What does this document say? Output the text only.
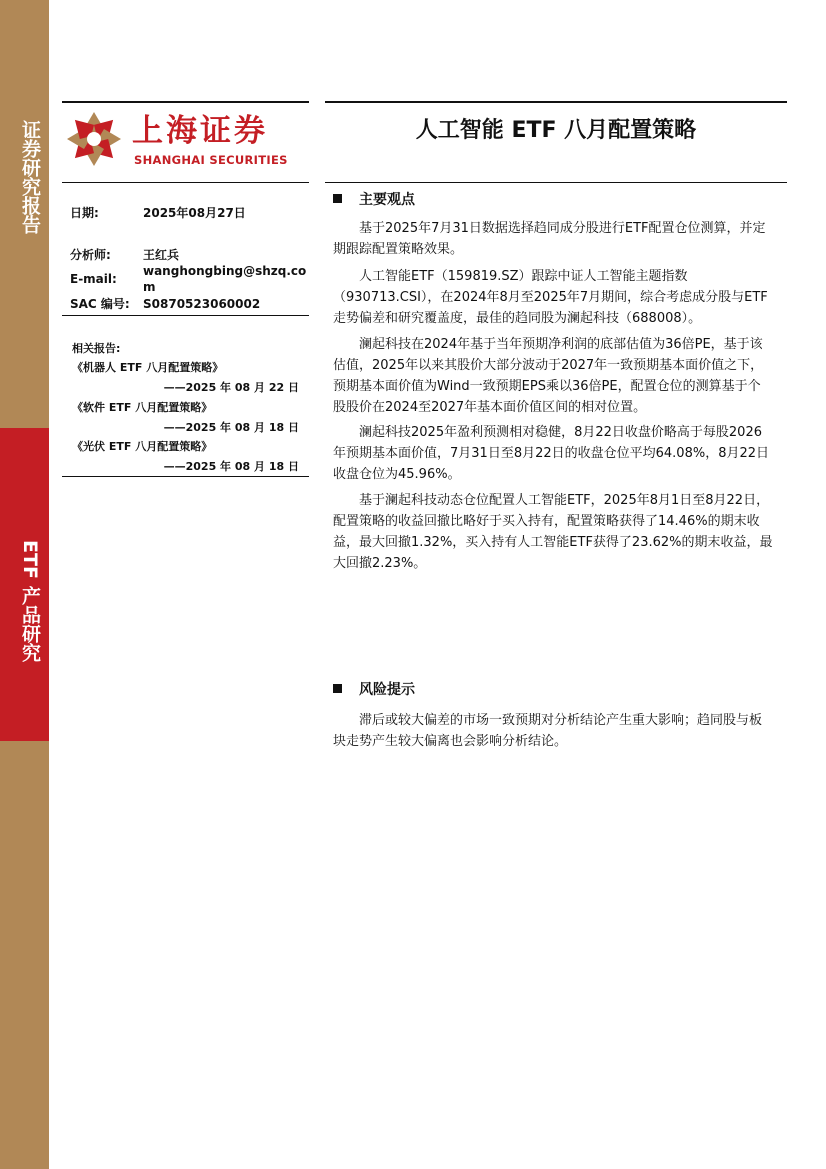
证券研究报告
ETF 产品研究
上海证券
SHANGHAI SECURITIES
人工智能 ETF 八月配置策略
日期:	2025年08月27日
分析师:	王红兵
E-mail:
wanghongbing@shzq.co
m
SAC 编号: S0870523060002
相关报告:
《机器人 ETF 八月配置策略》
——2025 年 08 月 22 日
《软件 ETF 八月配置策略》
——2025 年 08 月 18 日
《光伏 ETF 八月配置策略》
——2025 年 08 月 18 日
主要观点
基于2025年7月31日数据选择趋同成分股进行ETF配置仓位测算，并定期跟踪配置策略效果。
人工智能ETF（159819.SZ）跟踪中证人工智能主题指数（930713.CSI），在2024年8月至2025年7月期间，综合考虑成分股与ETF走势偏差和研究覆盖度，最佳的趋同股为澜起科技（688008）。
澜起科技在2024年基于当年预期净利润的底部估值为36倍PE，基于该估值，2025年以来其股价大部分波动于2027年一致预期基本面价值之下，预期基本面价值为Wind一致预期EPS乘以36倍PE，配置仓位的测算基于个股股价在2024至2027年基本面价值区间的相对位置。
澜起科技2025年盈利预测相对稳健，8月22日收盘价略高于每股2026年预期基本面价值，7月31日至8月22日的收盘仓位平均64.08%，8月22日收盘仓位为45.96%。
基于澜起科技动态仓位配置人工智能ETF，2025年8月1日至8月22日，配置策略的收益回撤比略好于买入持有，配置策略获得了14.46%的期末收益，最大回撤1.32%，买入持有人工智能ETF获得了23.62%的期末收益，最大回撤2.23%。
风险提示
滞后或较大偏差的市场一致预期对分析结论产生重大影响；趋同股与板块走势产生较大偏离也会影响分析结论。
